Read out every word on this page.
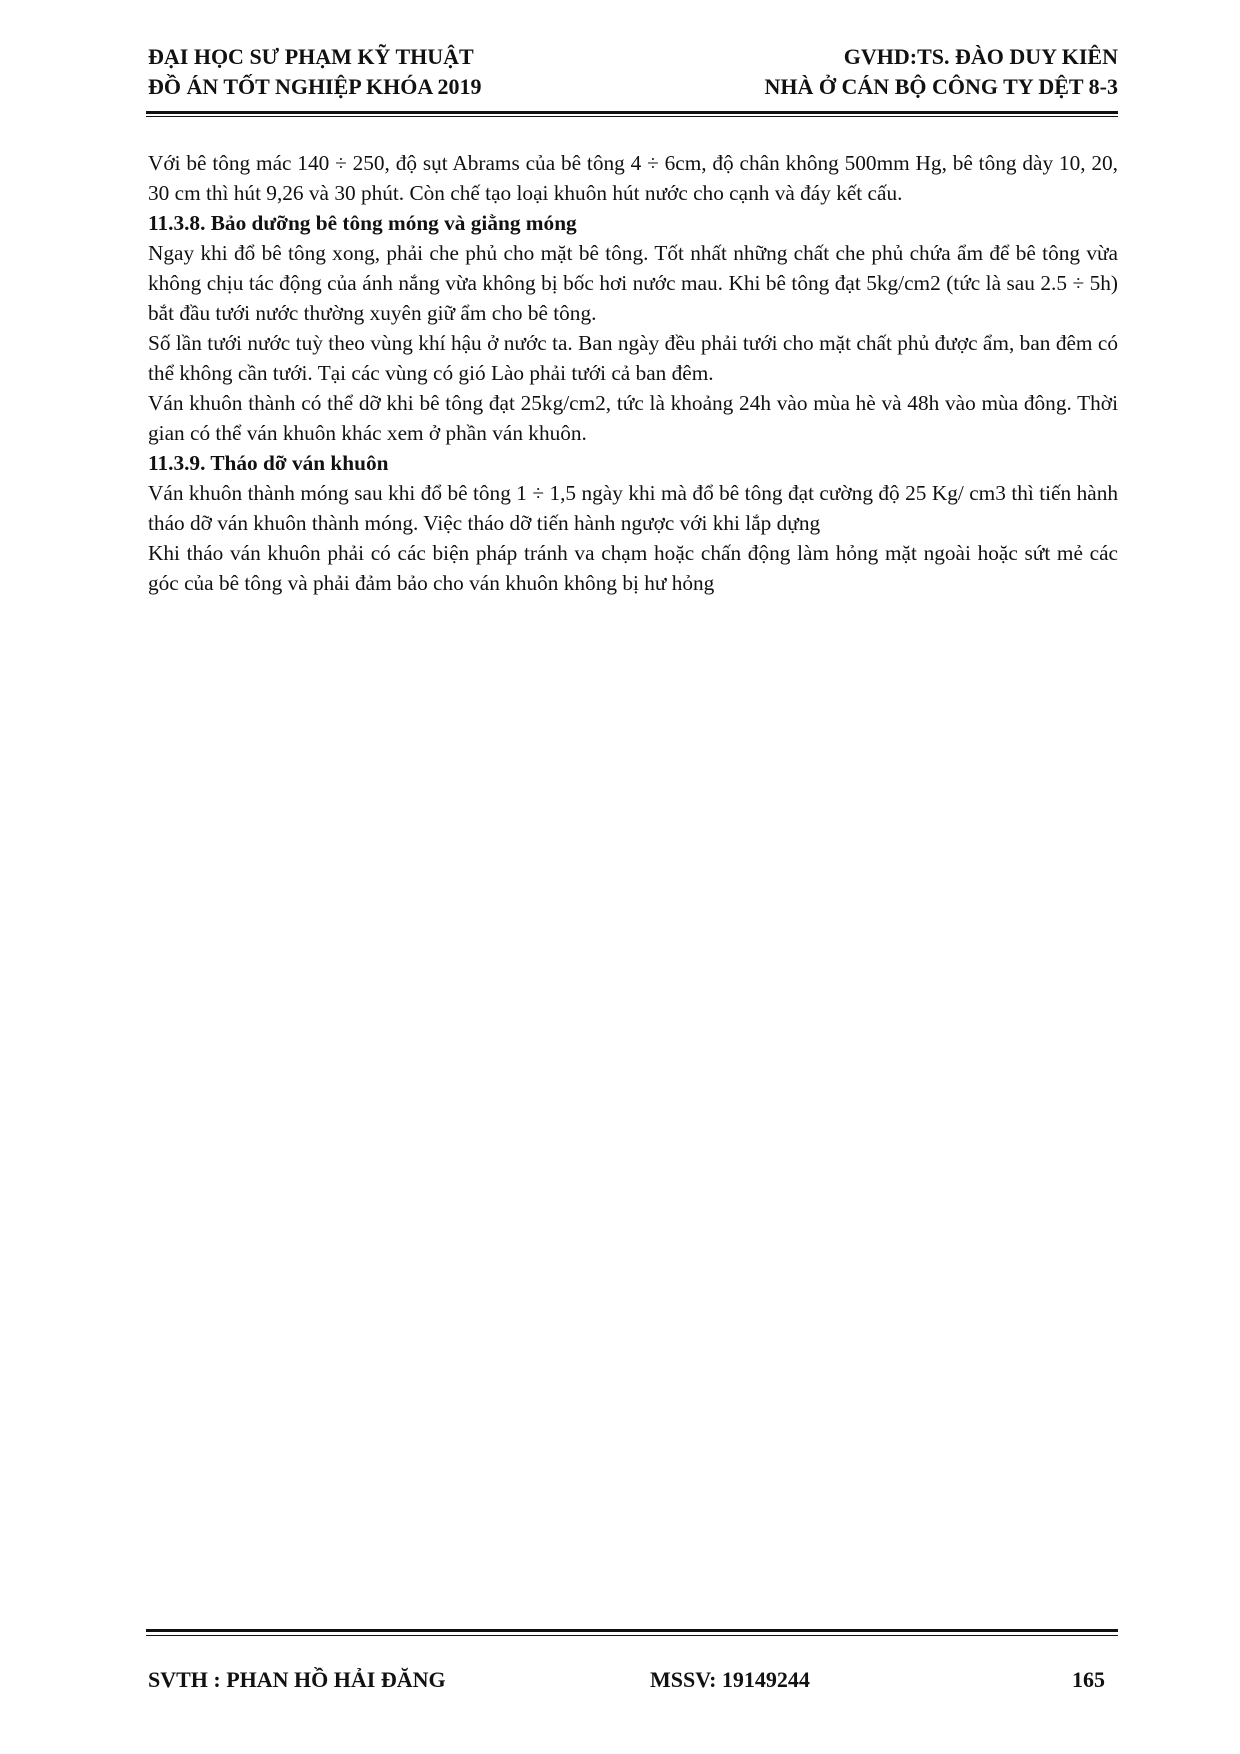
ĐẠI HỌC SƯ PHẠM KỸ THUẬT	GVHD:TS. ĐÀO DUY KIÊN
ĐỒ ÁN TỐT NGHIỆP KHÓA 2019	NHÀ Ở CÁN BỘ CÔNG TY DỆT 8-3

Với bê tông mác 140 ÷ 250, độ sụt Abrams của bê tông 4 ÷ 6cm, độ chân không 500mm Hg, bê tông dày 10, 20, 30 cm thì hút 9,26 và 30 phút. Còn chế tạo loại khuôn hút nước cho cạnh và đáy kết cấu.

11.3.8. Bảo dưỡng bê tông móng và giằng móng

Ngay khi đổ bê tông xong, phải che phủ cho mặt bê tông. Tốt nhất những chất che phủ chứa ẩm để bê tông vừa không chịu tác động của ánh nắng vừa không bị bốc hơi nước mau. Khi bê tông đạt 5kg/cm2 (tức là sau 2.5 ÷ 5h) bắt đầu tưới nước thường xuyên giữ ẩm cho bê tông.

Số lần tưới nước tuỳ theo vùng khí hậu ở nước ta. Ban ngày đều phải tưới cho mặt chất phủ được ẩm, ban đêm có thể không cần tưới. Tại các vùng có gió Lào phải tưới cả ban đêm.

Ván khuôn thành có thể dỡ khi bê tông đạt 25kg/cm2, tức là khoảng 24h vào mùa hè và 48h vào mùa đông. Thời gian có thể ván khuôn khác xem ở phần ván khuôn.

11.3.9. Tháo dỡ ván khuôn

Ván khuôn thành móng sau khi đổ bê tông 1 ÷ 1,5 ngày khi mà đổ bê tông đạt cường độ 25 Kg/ cm3 thì tiến hành tháo dỡ ván khuôn thành móng. Việc tháo dỡ tiến hành ngược với khi lắp dựng

Khi tháo ván khuôn phải có các biện pháp tránh va chạm hoặc chấn động làm hỏng mặt ngoài hoặc sứt mẻ các góc của bê tông và phải đảm bảo cho ván khuôn không bị hư hỏng

SVTH : PHAN HỒ HẢI ĐĂNG	MSSV: 19149244	165
